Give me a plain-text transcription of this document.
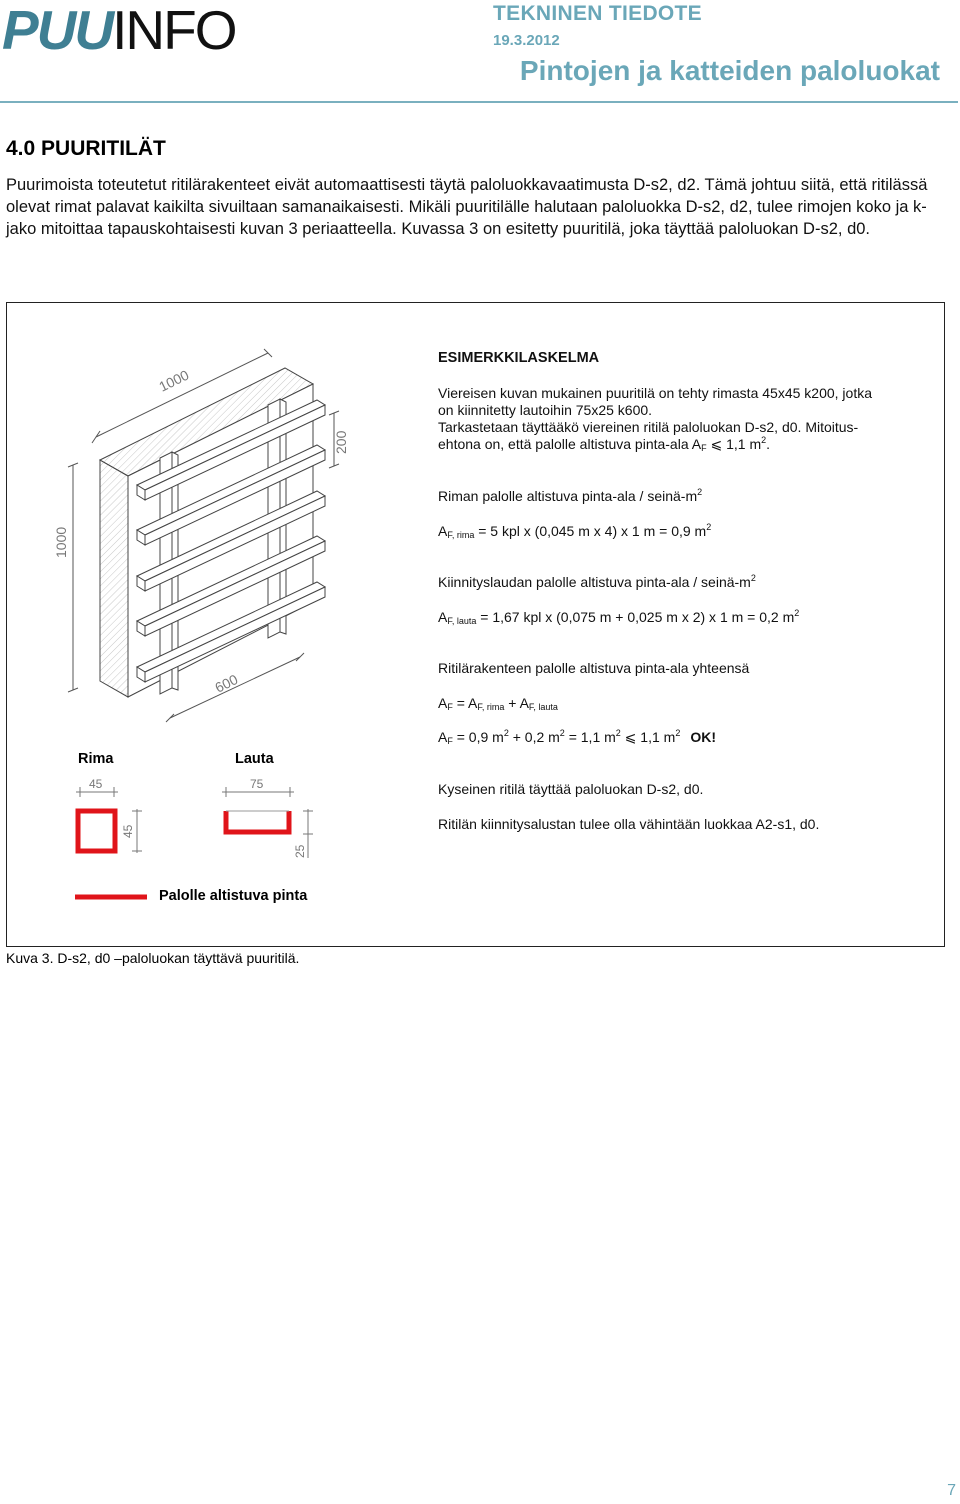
PUUINFO	TEKNINEN TIEDOTE
19.3.2012
Pintojen ja katteiden paloluokat
4.0 PUURITILÄT
Puurimoista toteutetut ritilärakenteet eivät automaattisesti täytä paloluokkavaatimusta D-s2, d2. Tämä johtuu siitä, että ritilässä olevat rimat palavat kaikilta sivuiltaan samanaikaisesti. Mikäli puuritilälle halutaan paloluokka D-s2, d2, tulee rimojen koko ja k-jako mitoittaa tapauskohtaisesti kuvan 3 periaatteella. Kuvassa 3 on esitetty puuritilä, joka täyttää paloluokan D-s2, d0.
1000
200
1000
600
45
45
75
25
Rima	Lauta
Palolle altistuva pinta
ESIMERKKILASKELMA
Viereisen kuvan mukainen puuritilä on tehty rimasta 45x45 k200, jotka
on kiinnitetty lautoihin 75x25 k600.
Tarkastetaan täyttääkö viereinen ritilä paloluokan D-s2, d0. Mitoitus-
ehtona on, että palolle altistuva pinta-ala $A_F$ ⩽ 1,1 $m^2$.
Riman palolle altistuva pinta-ala / seinä-$m^2$
$A_{F, rima} = 5$ kpl x (0,045 m x 4) x 1 m = 0,9 $m^2$
Kiinnityslaudan palolle altistuva pinta-ala / seinä-$m^2$
$A_{F, lauta} = 1,67$ kpl x (0,075 m + 0,025 m x 2) x 1 m = 0,2 $m^2$
Ritilärakenteen palolle altistuva pinta-ala yhteensä
$A_F = A_{F, rima} + A_{F, lauta}$
$A_F = 0,9$ $m^2 + 0,2$ $m^2 = 1,1$ $m^2$ ⩽ 1,1 $m^2$ OK!
Kyseinen ritilä täyttää paloluokan D-s2, d0.
Ritilän kiinnitysalustan tulee olla vähintään luokkaa A2-s1, d0.
Kuva 3. D-s2, d0 –paloluokan täyttävä puuritilä.
7
